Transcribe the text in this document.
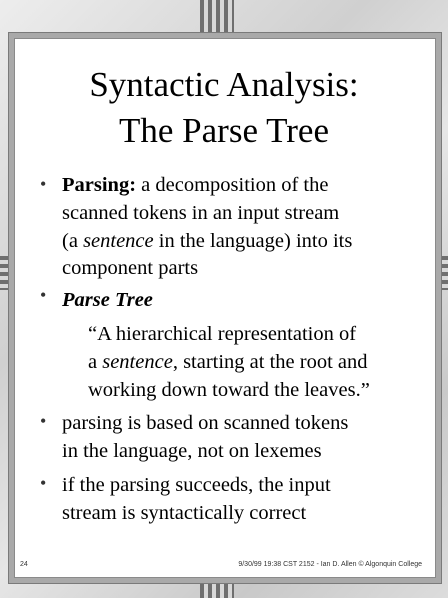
Syntactic Analysis:
The Parse Tree
• Parsing: a decomposition of the
scanned tokens in an input stream
(a sentence in the language) into its
component parts
• Parse Tree
“A hierarchical representation of
a sentence, starting at the root and
working down toward the leaves.”
• parsing is based on scanned tokens
in the language, not on lexemes
• if the parsing succeeds, the input
stream is syntactically correct
24	9/30/99 19:38 CST 2152 - Ian D. Allen © Algonquin College
